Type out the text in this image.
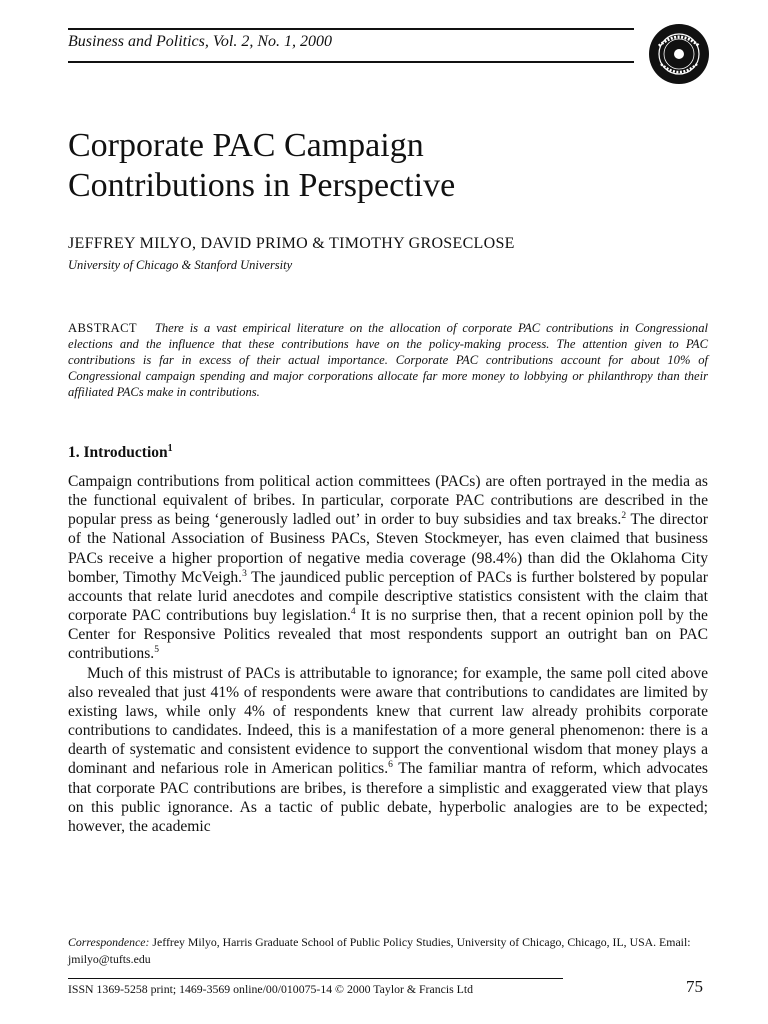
Business and Politics, Vol. 2, No. 1, 2000
Corporate PAC Campaign
Contributions in Perspective
JEFFREY MILYO, DAVID PRIMO & TIMOTHY GROSECLOSE
University of Chicago & Stanford University
ABSTRACT There is a vast empirical literature on the allocation of corporate PAC contributions in Congressional elections and the influence that these contributions have on the policy-making process. The attention given to PAC contributions is far in excess of their actual importance. Corporate PAC contributions account for about 10% of Congressional campaign spending and major corporations allocate far more money to lobbying or philanthropy than their affiliated PACs make in contributions.
1. Introduction$^1$

Campaign contributions from political action committees (PACs) are often portrayed in the media as the functional equivalent of bribes. In particular, corporate PAC contributions are described in the popular press as being ‘generously ladled out’ in order to buy subsidies and tax breaks.$^2$ The director of the National Association of Business PACs, Steven Stockmeyer, has even claimed that business PACs receive a higher proportion of negative media coverage (98.4%) than did the Oklahoma City bomber, Timothy McVeigh.$^3$ The jaundiced public perception of PACs is further bolstered by popular accounts that relate lurid anecdotes and compile descriptive statistics consistent with the claim that corporate PAC contributions buy legislation.$^4$ It is no surprise then, that a recent opinion poll by the Center for Responsive Politics revealed that most respondents support an outright ban on PAC contributions.$^5$

Much of this mistrust of PACs is attributable to ignorance; for example, the same poll cited above also revealed that just 41% of respondents were aware that contributions to candidates are limited by existing laws, while only 4% of respondents knew that current law already prohibits corporate contributions to candidates. Indeed, this is a manifestation of a more general phenomenon: there is a dearth of systematic and consistent evidence to support the conventional wisdom that money plays a dominant and nefarious role in American politics.$^6$ The familiar mantra of reform, which advocates that corporate PAC contributions are bribes, is therefore a simplistic and exaggerated view that plays on this public ignorance. As a tactic of public debate, hyperbolic analogies are to be expected; however, the academic

Correspondence: Jeffrey Milyo, Harris Graduate School of Public Policy Studies, University of Chicago, Chicago, IL, USA. Email: jmilyo@tufts.edu
ISSN 1369-5258 print; 1469-3569 online/00/010075-14 © 2000 Taylor & Francis Ltd	75
